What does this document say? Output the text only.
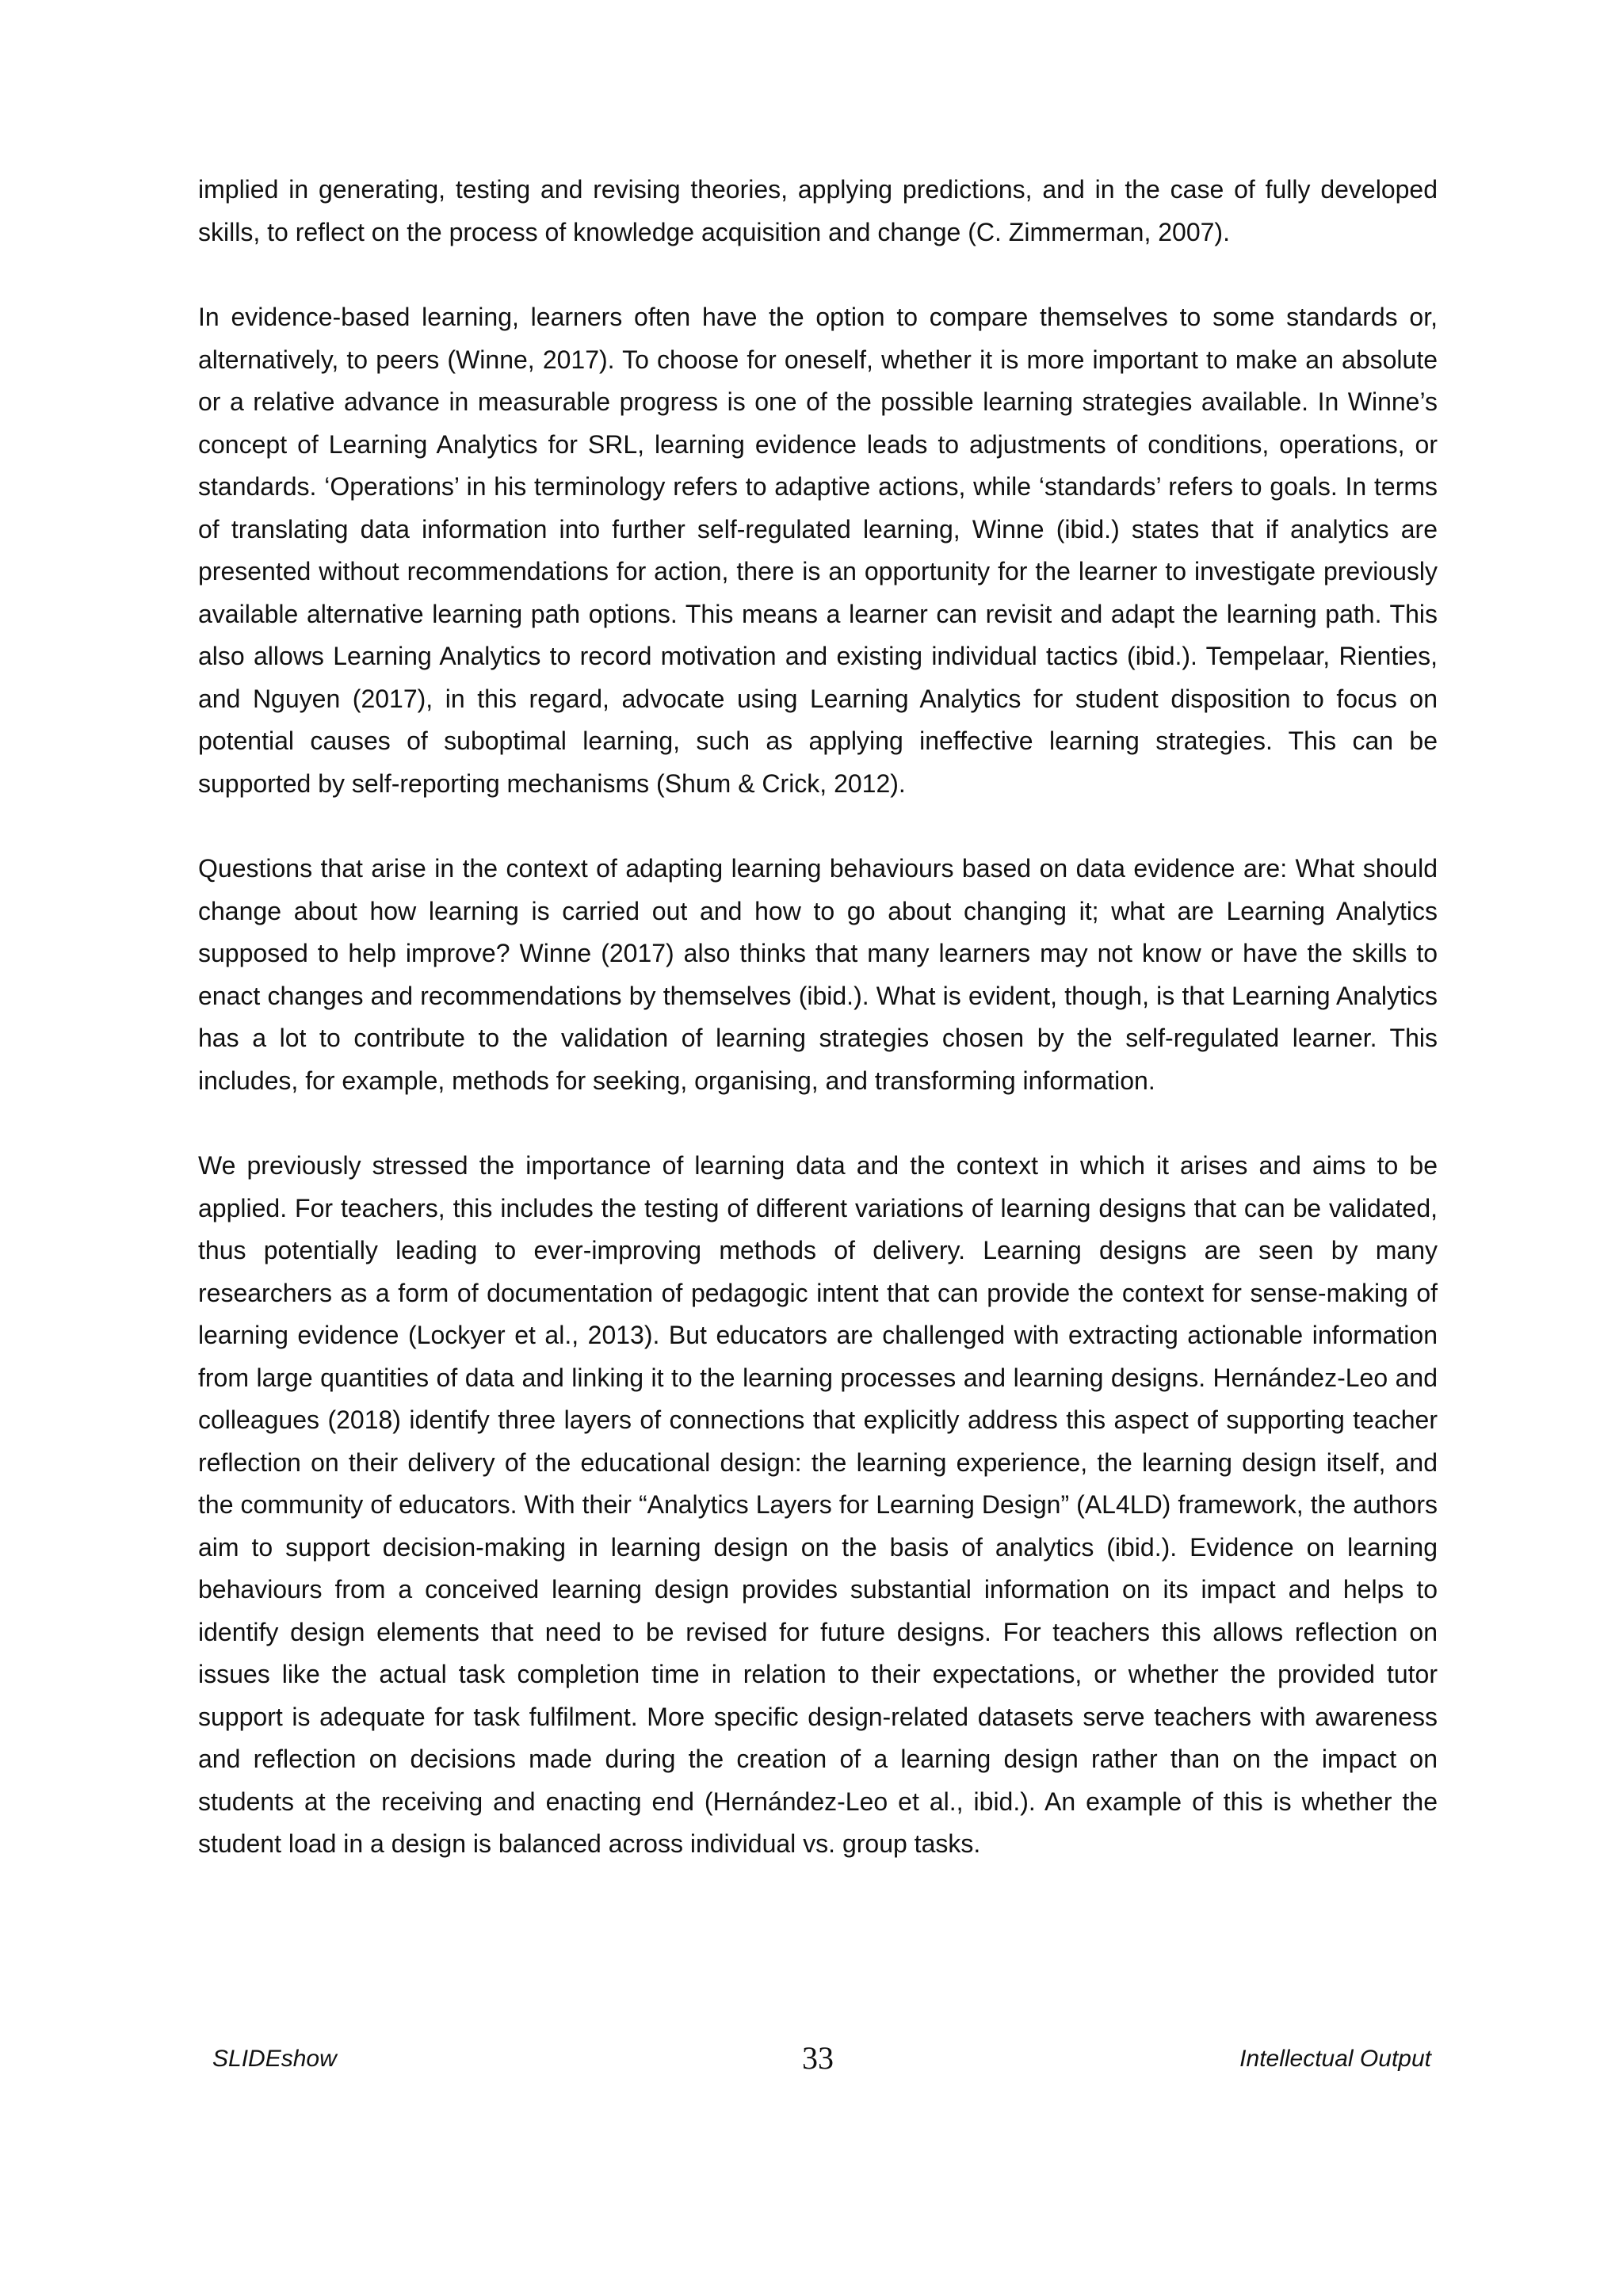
implied in generating, testing and revising theories, applying predictions, and in the case of fully developed skills, to reflect on the process of knowledge acquisition and change (C. Zimmerman, 2007).

In evidence-based learning, learners often have the option to compare themselves to some standards or, alternatively, to peers (Winne, 2017). To choose for oneself, whether it is more important to make an absolute or a relative advance in measurable progress is one of the possible learning strategies available. In Winne’s concept of Learning Analytics for SRL, learning evidence leads to adjustments of conditions, operations, or standards. ‘Operations’ in his terminology refers to adaptive actions, while ‘standards’ refers to goals. In terms of translating data information into further self-regulated learning, Winne (ibid.) states that if analytics are presented without recommendations for action, there is an opportunity for the learner to investigate previously available alternative learning path options. This means a learner can revisit and adapt the learning path. This also allows Learning Analytics to record motivation and existing individual tactics (ibid.). Tempelaar, Rienties, and Nguyen (2017), in this regard, advocate using Learning Analytics for student disposition to focus on potential causes of suboptimal learning, such as applying ineffective learning strategies. This can be supported by self-reporting mechanisms (Shum & Crick, 2012).

Questions that arise in the context of adapting learning behaviours based on data evidence are: What should change about how learning is carried out and how to go about changing it; what are Learning Analytics supposed to help improve? Winne (2017) also thinks that many learners may not know or have the skills to enact changes and recommendations by themselves (ibid.). What is evident, though, is that Learning Analytics has a lot to contribute to the validation of learning strategies chosen by the self-regulated learner. This includes, for example, methods for seeking, organising, and transforming information.

We previously stressed the importance of learning data and the context in which it arises and aims to be applied. For teachers, this includes the testing of different variations of learning designs that can be validated, thus potentially leading to ever-improving methods of delivery. Learning designs are seen by many researchers as a form of documentation of pedagogic intent that can provide the context for sense-making of learning evidence (Lockyer et al., 2013). But educators are challenged with extracting actionable information from large quantities of data and linking it to the learning processes and learning designs. Hernández-Leo and colleagues (2018) identify three layers of connections that explicitly address this aspect of supporting teacher reflection on their delivery of the educational design: the learning experience, the learning design itself, and the community of educators. With their “Analytics Layers for Learning Design” (AL4LD) framework, the authors aim to support decision-making in learning design on the basis of analytics (ibid.). Evidence on learning behaviours from a conceived learning design provides substantial information on its impact and helps to identify design elements that need to be revised for future designs. For teachers this allows reflection on issues like the actual task completion time in relation to their expectations, or whether the provided tutor support is adequate for task fulfilment. More specific design-related datasets serve teachers with awareness and reflection on decisions made during the creation of a learning design rather than on the impact on students at the receiving and enacting end (Hernández-Leo et al., ibid.). An example of this is whether the student load in a design is balanced across individual vs. group tasks.

SLIDEshow	33	Intellectual Output
